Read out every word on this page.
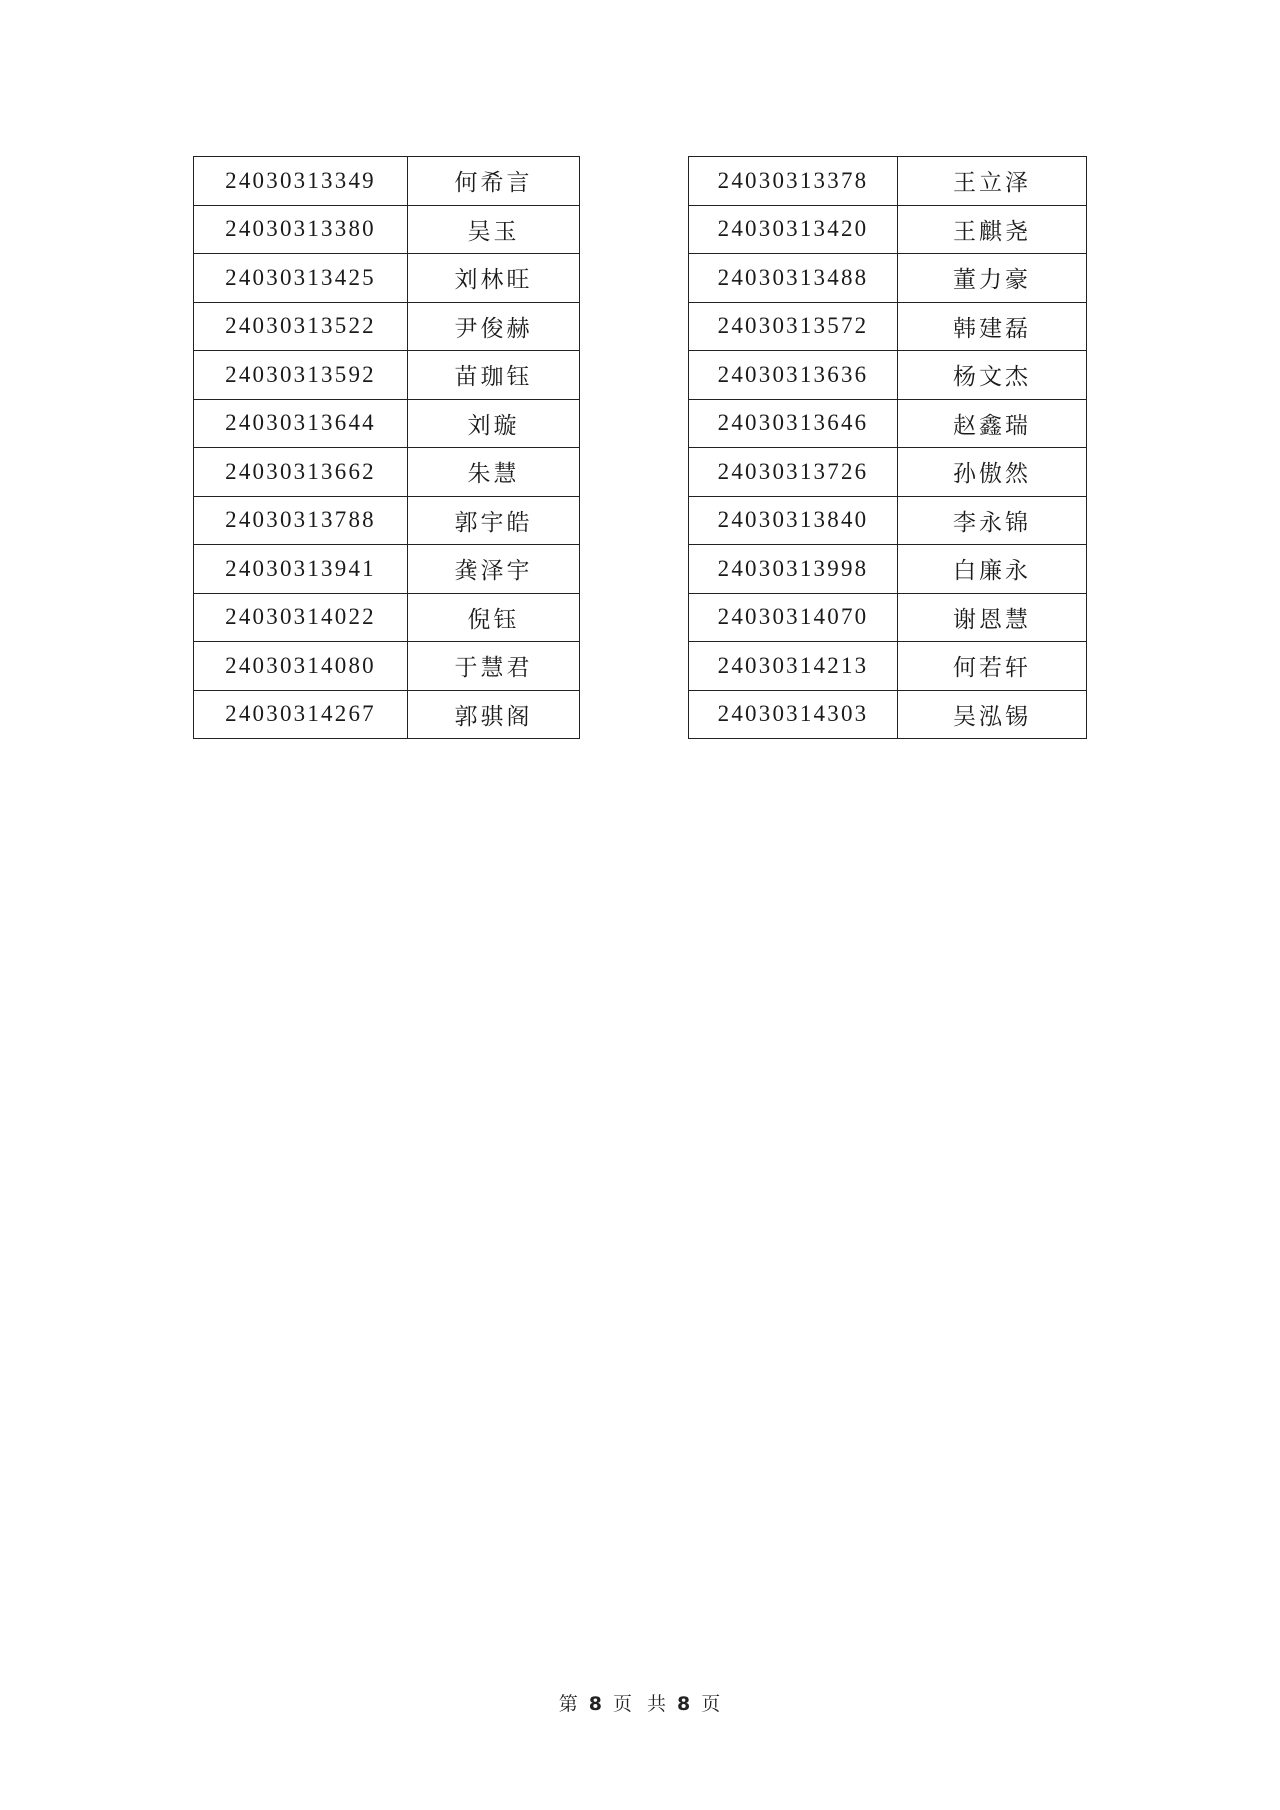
24030313349	何希言
24030313380	吴玉
24030313425	刘林旺
24030313522	尹俊赫
24030313592	苗珈钰
24030313644	刘璇
24030313662	朱慧
24030313788	郭宇皓
24030313941	龚泽宇
24030314022	倪钰
24030314080	于慧君
24030314267	郭骐阁
24030313378	王立泽
24030313420	王麒尧
24030313488	董力豪
24030313572	韩建磊
24030313636	杨文杰
24030313646	赵鑫瑞
24030313726	孙傲然
24030313840	李永锦
24030313998	白廉永
24030314070	谢恩慧
24030314213	何若轩
24030314303	吴泓锡
第 8 页 共 8 页
